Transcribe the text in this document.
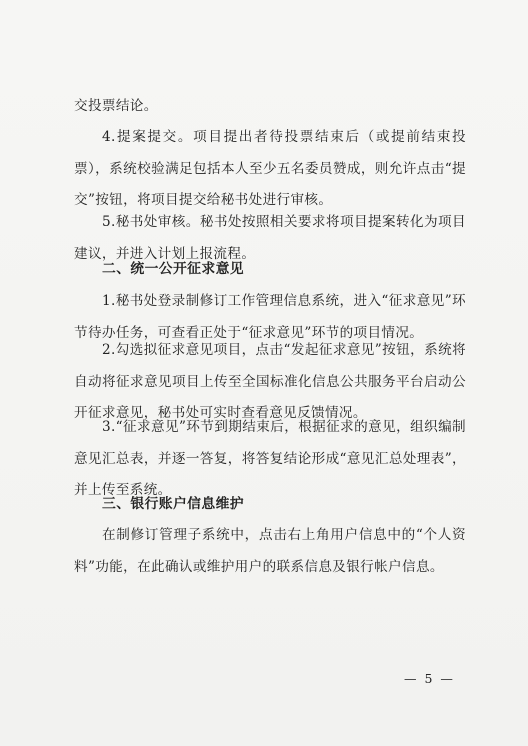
交投票结论。

4.提案提交。项目提出者待投票结束后（或提前结束投票），系统校验满足包括本人至少五名委员赞成，则允许点击“提交”按钮，将项目提交给秘书处进行审核。

5.秘书处审核。秘书处按照相关要求将项目提案转化为项目建议，并进入计划上报流程。

二、统一公开征求意见

1.秘书处登录制修订工作管理信息系统，进入“征求意见”环节待办任务，可查看正处于“征求意见”环节的项目情况。

2.勾选拟征求意见项目，点击“发起征求意见”按钮，系统将自动将征求意见项目上传至全国标准化信息公共服务平台启动公开征求意见，秘书处可实时查看意见反馈情况。

3.“征求意见”环节到期结束后，根据征求的意见，组织编制意见汇总表，并逐一答复，将答复结论形成“意见汇总处理表”，并上传至系统。

三、银行账户信息维护

在制修订管理子系统中，点击右上角用户信息中的“个人资料”功能，在此确认或维护用户的联系信息及银行帐户信息。

— 5 —
